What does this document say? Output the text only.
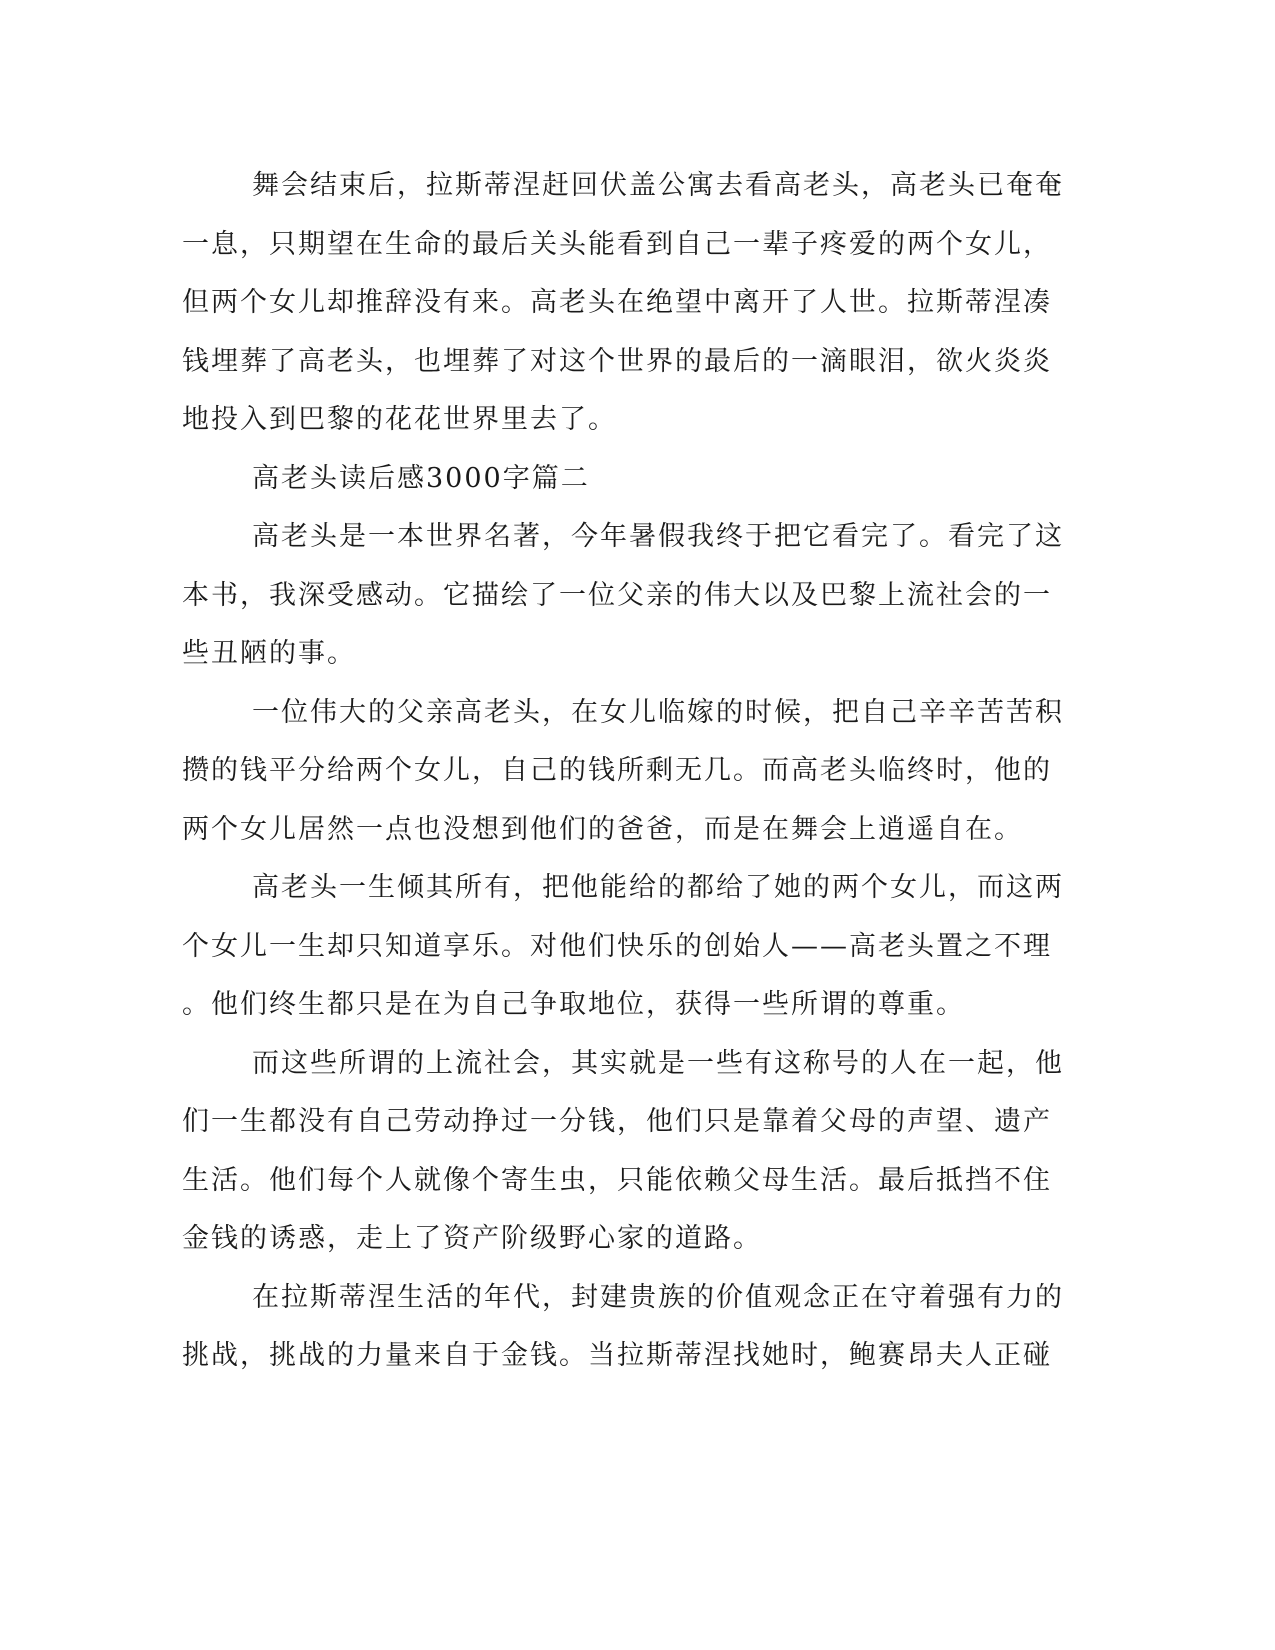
舞会结束后，拉斯蒂涅赶回伏盖公寓去看高老头，高老头已奄奄
一息，只期望在生命的最后关头能看到自己一辈子疼爱的两个女儿，
但两个女儿却推辞没有来。高老头在绝望中离开了人世。拉斯蒂涅凑
钱埋葬了高老头，也埋葬了对这个世界的最后的一滴眼泪，欲火炎炎
地投入到巴黎的花花世界里去了。
高老头读后感3000字篇二
高老头是一本世界名著，今年暑假我终于把它看完了。看完了这
本书，我深受感动。它描绘了一位父亲的伟大以及巴黎上流社会的一
些丑陋的事。
一位伟大的父亲高老头，在女儿临嫁的时候，把自己辛辛苦苦积
攒的钱平分给两个女儿，自己的钱所剩无几。而高老头临终时，他的
两个女儿居然一点也没想到他们的爸爸，而是在舞会上逍遥自在。
高老头一生倾其所有，把他能给的都给了她的两个女儿，而这两
个女儿一生却只知道享乐。对他们快乐的创始人——高老头置之不理
。他们终生都只是在为自己争取地位，获得一些所谓的尊重。
而这些所谓的上流社会，其实就是一些有这称号的人在一起，他
们一生都没有自己劳动挣过一分钱，他们只是靠着父母的声望、遗产
生活。他们每个人就像个寄生虫，只能依赖父母生活。最后抵挡不住
金钱的诱惑，走上了资产阶级野心家的道路。
在拉斯蒂涅生活的年代，封建贵族的价值观念正在守着强有力的
挑战，挑战的力量来自于金钱。当拉斯蒂涅找她时，鲍赛昂夫人正碰
